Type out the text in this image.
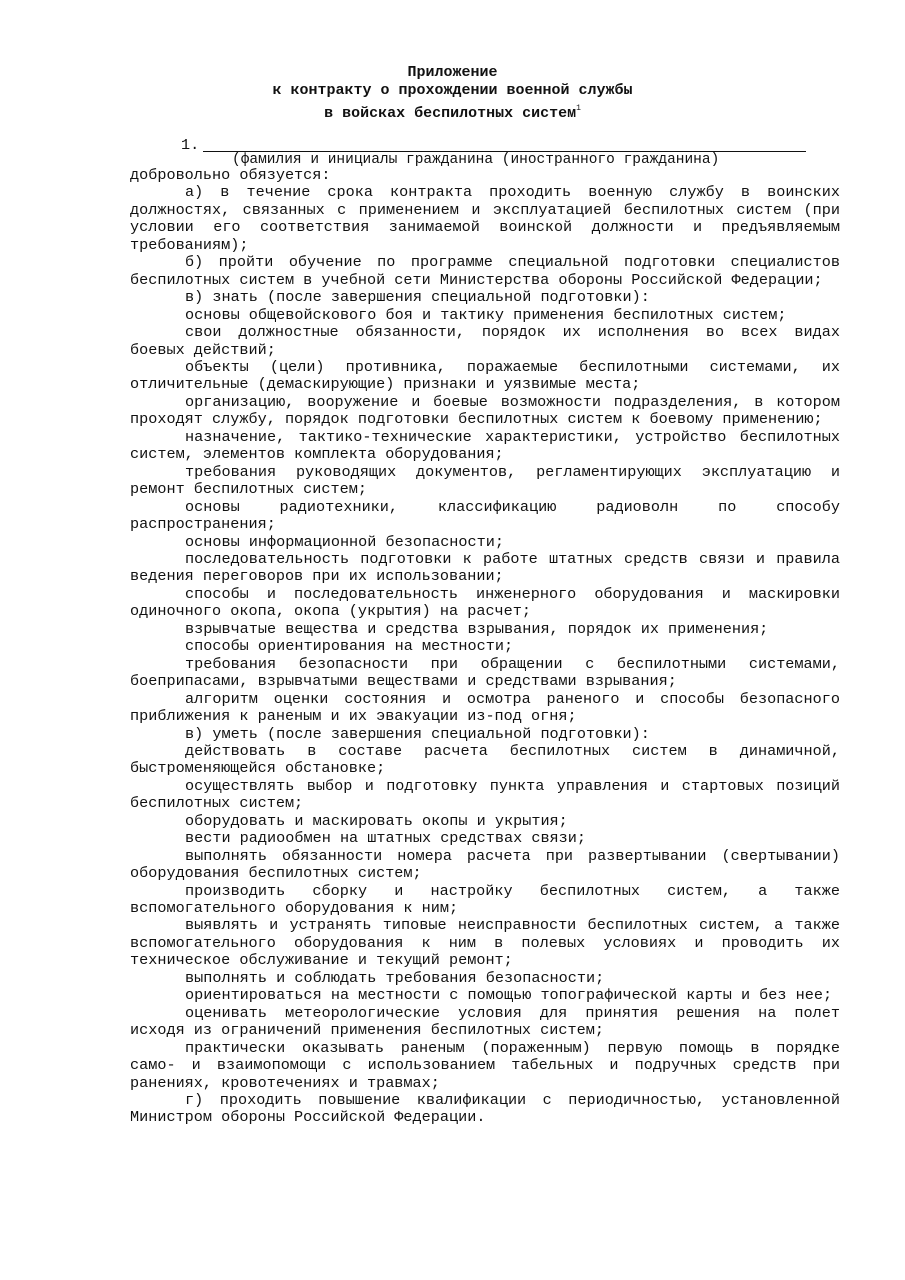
Приложение
к контракту о прохождении военной службы
в войсках беспилотных систем$^1$
1.
(фамилия и инициалы гражданина (иностранного гражданина)

добровольно обязуется:

а) в течение срока контракта проходить военную службу в воинских должностях, связанных с применением и эксплуатацией беспилотных систем (при условии его соответствия занимаемой воинской должности и предъявляемым требованиям);

б) пройти обучение по программе специальной подготовки специалистов беспилотных систем в учебной сети Министерства обороны Российской Федерации;

в) знать (после завершения специальной подготовки):

основы общевойскового боя и тактику применения беспилотных систем;

свои должностные обязанности, порядок их исполнения во всех видах боевых действий;

объекты (цели) противника, поражаемые беспилотными системами, их отличительные (демаскирующие) признаки и уязвимые места;

организацию, вооружение и боевые возможности подразделения, в котором проходят службу, порядок подготовки беспилотных систем к боевому применению;

назначение, тактико-технические характеристики, устройство беспилотных систем, элементов комплекта оборудования;

требования руководящих документов, регламентирующих эксплуатацию и ремонт беспилотных систем;

основы радиотехники, классификацию радиоволн по способу распространения;

основы информационной безопасности;

последовательность подготовки к работе штатных средств связи и правила ведения переговоров при их использовании;

способы и последовательность инженерного оборудования и маскировки одиночного окопа, окопа (укрытия) на расчет;

взрывчатые вещества и средства взрывания, порядок их применения;

способы ориентирования на местности;

требования безопасности при обращении с беспилотными системами, боеприпасами, взрывчатыми веществами и средствами взрывания;

алгоритм оценки состояния и осмотра раненого и способы безопасного приближения к раненым и их эвакуации из-под огня;

в) уметь (после завершения специальной подготовки):

действовать в составе расчета беспилотных систем в динамичной, быстроменяющейся обстановке;

осуществлять выбор и подготовку пункта управления и стартовых позиций беспилотных систем;

оборудовать и маскировать окопы и укрытия;

вести радиообмен на штатных средствах связи;

выполнять обязанности номера расчета при развертывании (свертывании) оборудования беспилотных систем;

производить сборку и настройку беспилотных систем, а также вспомогательного оборудования к ним;

выявлять и устранять типовые неисправности беспилотных систем, а также вспомогательного оборудования к ним в полевых условиях и проводить их техническое обслуживание и текущий ремонт;

выполнять и соблюдать требования безопасности;

ориентироваться на местности с помощью топографической карты и без нее;

оценивать метеорологические условия для принятия решения на полет исходя из ограничений применения беспилотных систем;

практически оказывать раненым (пораженным) первую помощь в порядке само- и взаимопомощи с использованием табельных и подручных средств при ранениях, кровотечениях и травмах;

г) проходить повышение квалификации с периодичностью, установленной Министром обороны Российской Федерации.
